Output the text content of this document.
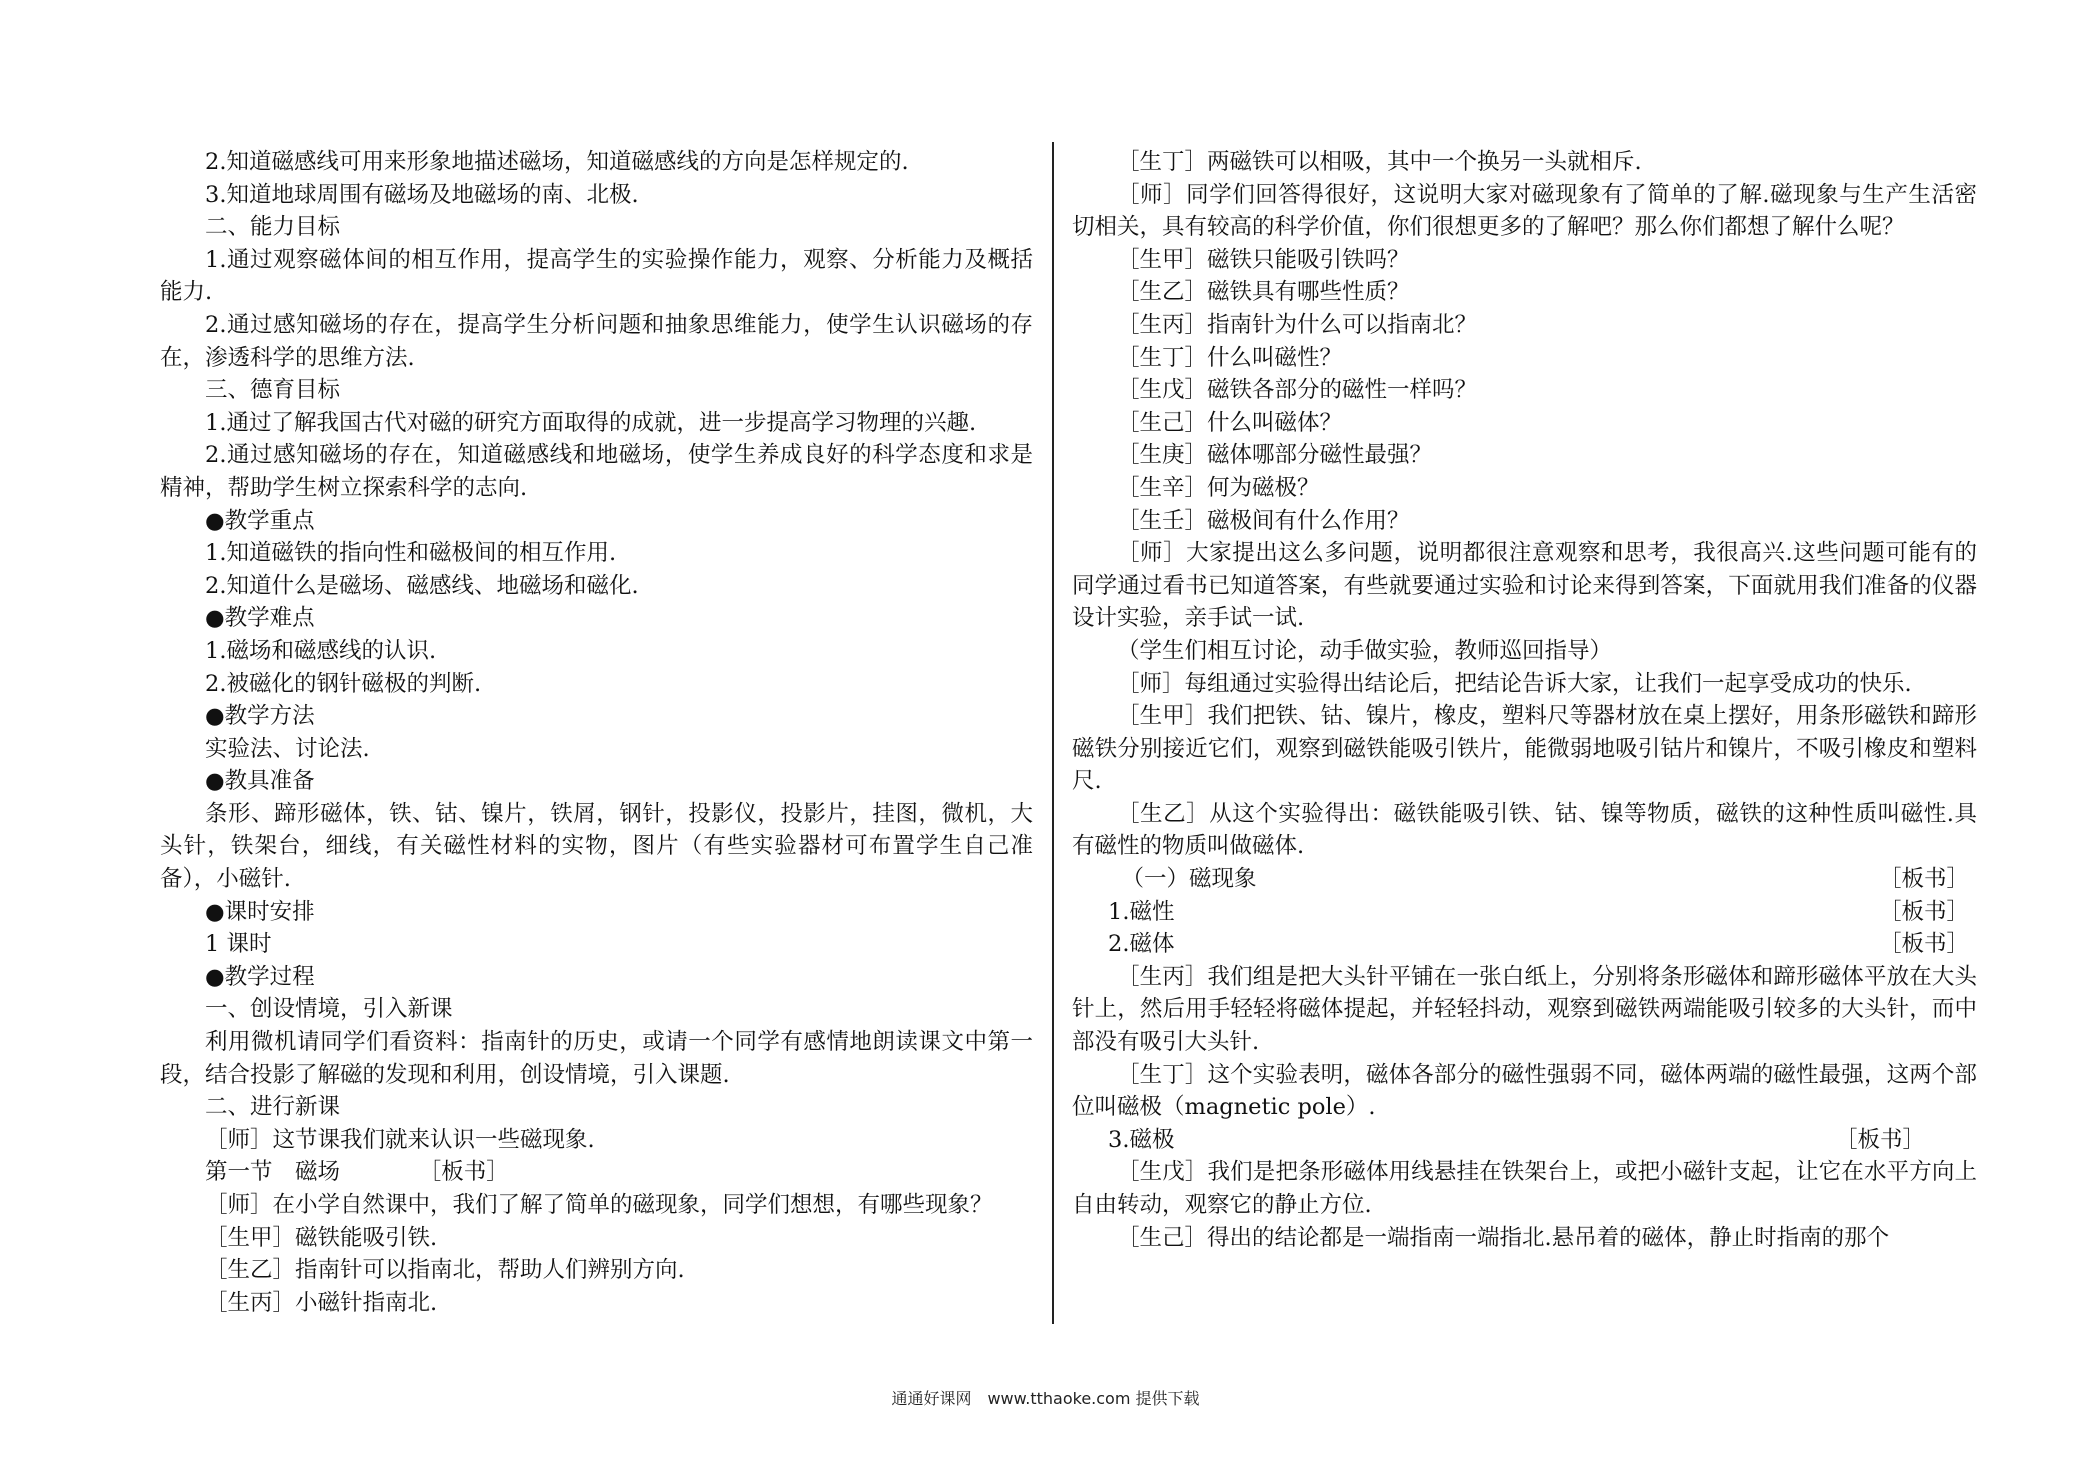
2.知道磁感线可用来形象地描述磁场，知道磁感线的方向是怎样规定的.

3.知道地球周围有磁场及地磁场的南、北极.

二、能力目标

1.通过观察磁体间的相互作用，提高学生的实验操作能力，观察、分析能力及概括能力.

2.通过感知磁场的存在，提高学生分析问题和抽象思维能力，使学生认识磁场的存在，渗透科学的思维方法.

三、德育目标

1.通过了解我国古代对磁的研究方面取得的成就，进一步提高学习物理的兴趣.

2.通过感知磁场的存在，知道磁感线和地磁场，使学生养成良好的科学态度和求是精神，帮助学生树立探索科学的志向.

●教学重点

1.知道磁铁的指向性和磁极间的相互作用.

2.知道什么是磁场、磁感线、地磁场和磁化.

●教学难点

1.磁场和磁感线的认识.

2.被磁化的钢针磁极的判断.

●教学方法

实验法、讨论法.

●教具准备

条形、蹄形磁体，铁、钴、镍片，铁屑，钢针，投影仪，投影片，挂图，微机，大头针，铁架台，细线，有关磁性材料的实物，图片（有些实验器材可布置学生自己准备），小磁针.

●课时安排

1 课时

●教学过程

一、创设情境，引入新课

利用微机请同学们看资料：指南针的历史，或请一个同学有感情地朗读课文中第一段，结合投影了解磁的发现和利用，创设情境，引入课题.

二、进行新课

［师］这节课我们就来认识一些磁现象.

第一节　磁场　　　　［板书］

［师］在小学自然课中，我们了解了简单的磁现象，同学们想想，有哪些现象？

［生甲］磁铁能吸引铁.

［生乙］指南针可以指南北，帮助人们辨别方向.

［生丙］小磁针指南北.

［生丁］两磁铁可以相吸，其中一个换另一头就相斥.

［师］同学们回答得很好，这说明大家对磁现象有了简单的了解.磁现象与生产生活密切相关，具有较高的科学价值，你们很想更多的了解吧？那么你们都想了解什么呢？

［生甲］磁铁只能吸引铁吗？

［生乙］磁铁具有哪些性质？

［生丙］指南针为什么可以指南北？

［生丁］什么叫磁性？

［生戊］磁铁各部分的磁性一样吗？

［生己］什么叫磁体？

［生庚］磁体哪部分磁性最强？

［生辛］何为磁极？

［生壬］磁极间有什么作用？

［师］大家提出这么多问题，说明都很注意观察和思考，我很高兴.这些问题可能有的同学通过看书已知道答案，有些就要通过实验和讨论来得到答案，下面就用我们准备的仪器设计实验，亲手试一试.

（学生们相互讨论，动手做实验，教师巡回指导）

［师］每组通过实验得出结论后，把结论告诉大家，让我们一起享受成功的快乐.

［生甲］我们把铁、钴、镍片，橡皮，塑料尺等器材放在桌上摆好，用条形磁铁和蹄形磁铁分别接近它们，观察到磁铁能吸引铁片，能微弱地吸引钴片和镍片，不吸引橡皮和塑料尺.

［生乙］从这个实验得出：磁铁能吸引铁、钴、镍等物质，磁铁的这种性质叫磁性.具有磁性的物质叫做磁体.

（一）磁现象	［板书］
1.磁性	［板书］
2.磁体	［板书］

［生丙］我们组是把大头针平铺在一张白纸上，分别将条形磁体和蹄形磁体平放在大头针上，然后用手轻轻将磁体提起，并轻轻抖动，观察到磁铁两端能吸引较多的大头针，而中部没有吸引大头针.

［生丁］这个实验表明，磁体各部分的磁性强弱不同，磁体两端的磁性最强，这两个部位叫磁极（magnetic pole）.

3.磁极	［板书］

［生戊］我们是把条形磁体用线悬挂在铁架台上，或把小磁针支起，让它在水平方向上自由转动，观察它的静止方位.

［生己］得出的结论都是一端指南一端指北.悬吊着的磁体，静止时指南的那个

通通好课网　www.tthaoke.com 提供下载
